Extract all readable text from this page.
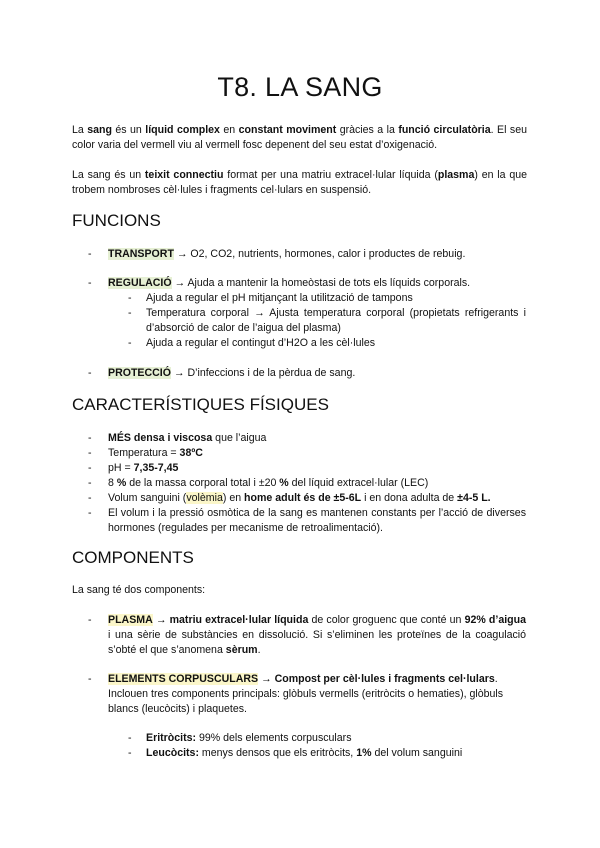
T8. LA SANG
La sang és un líquid complex en constant moviment gràcies a la funció circulatòria. El seu color varia del vermell viu al vermell fosc depenent del seu estat d’oxigenació.
La sang és un teixit connectiu format per una matriu extracel·lular líquida (plasma) en la que trobem nombroses cèl·lules i fragments cel·lulars en suspensió.
FUNCIONS
- TRANSPORT → O2, CO2, nutrients, hormones, calor i productes de rebuig.
- REGULACIÓ → Ajuda a mantenir la homeòstasi de tots els líquids corporals.
- Ajuda a regular el pH mitjançant la utilització de tampons
- Temperatura corporal → Ajusta temperatura corporal (propietats refrigerants i d’absorció de calor de l’aigua del plasma)
- Ajuda a regular el contingut d’H2O a les cèl·lules
- PROTECCIÓ → D’infeccions i de la pèrdua de sang.
CARACTERÍSTIQUES FÍSIQUES
- MÉS densa i viscosa que l’aigua
- Temperatura = 38ºC
- pH = 7,35-7,45
- 8 % de la massa corporal total i ±20 % del líquid extracel·lular (LEC)
- Volum sanguini (volèmia) en home adult és de ±5-6L i en dona adulta de ±4-5 L.
- El volum i la pressió osmòtica de la sang es mantenen constants per l’acció de diverses hormones (regulades per mecanisme de retroalimentació).
COMPONENTS
La sang té dos components:
- PLASMA → matriu extracel·lular líquida de color groguenc que conté un 92% d’aigua i una sèrie de substàncies en dissolució. Si s’eliminen les proteïnes de la coagulació s’obté el que s’anomena sèrum.
- ELEMENTS CORPUSCULARS → Compost per cèl·lules i fragments cel·lulars. Inclouen tres components principals: glòbuls vermells (eritròcits o hematies), glòbuls blancs (leucòcits) i plaquetes.
- Eritròcits: 99% dels elements corpusculars
- Leucòcits: menys densos que els eritròcits, 1% del volum sanguini
